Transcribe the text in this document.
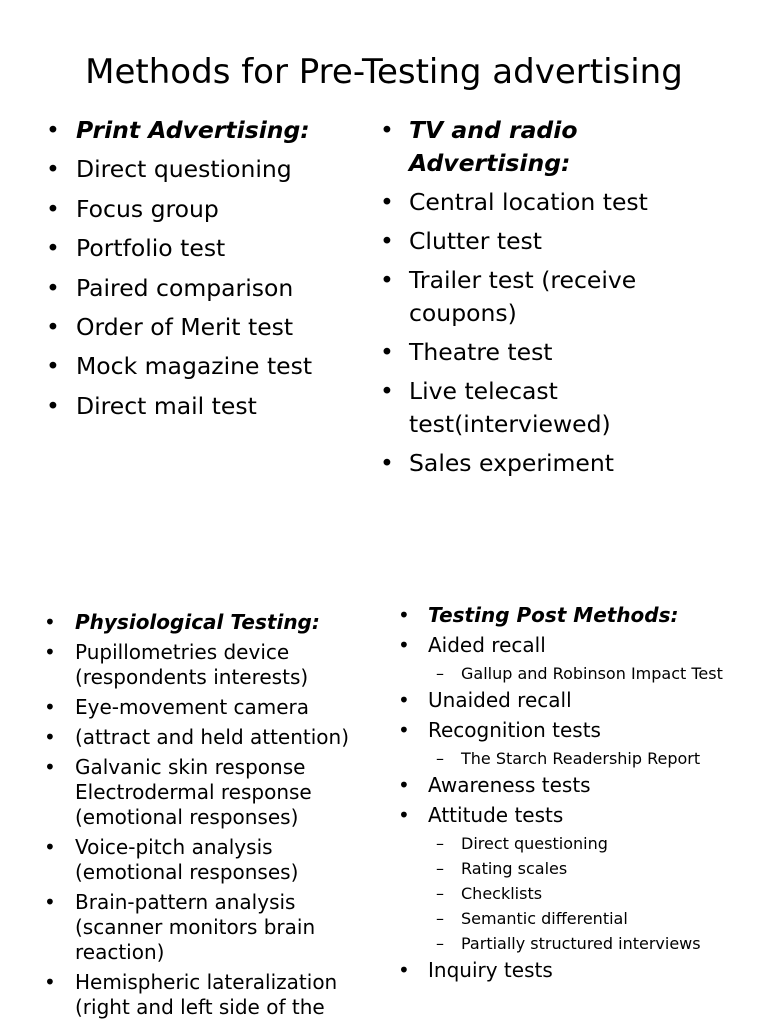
Methods for Pre-Testing advertising
• Print Advertising:
• Direct questioning
• Focus group
• Portfolio test
• Paired comparison
• Order of Merit test
• Mock magazine test
• Direct mail test
• TV and radio Advertising:
• Central location test
• Clutter test
• Trailer test (receive coupons)
• Theatre test
• Live telecast test(interviewed)
• Sales experiment
• Physiological Testing:
• Pupillometries device (respondents interests)
• Eye-movement camera
• (attract and held attention)
• Galvanic skin response Electrodermal response (emotional responses)
• Voice-pitch analysis (emotional responses)
• Brain-pattern analysis (scanner monitors brain reaction)
• Hemispheric lateralization (right and left side of the
• Testing Post Methods:
• Aided recall
– Gallup and Robinson Impact Test
• Unaided recall
• Recognition tests
– The Starch Readership Report
• Awareness tests
• Attitude tests
– Direct questioning
– Rating scales
– Checklists
– Semantic differential
– Partially structured interviews
• Inquiry tests
